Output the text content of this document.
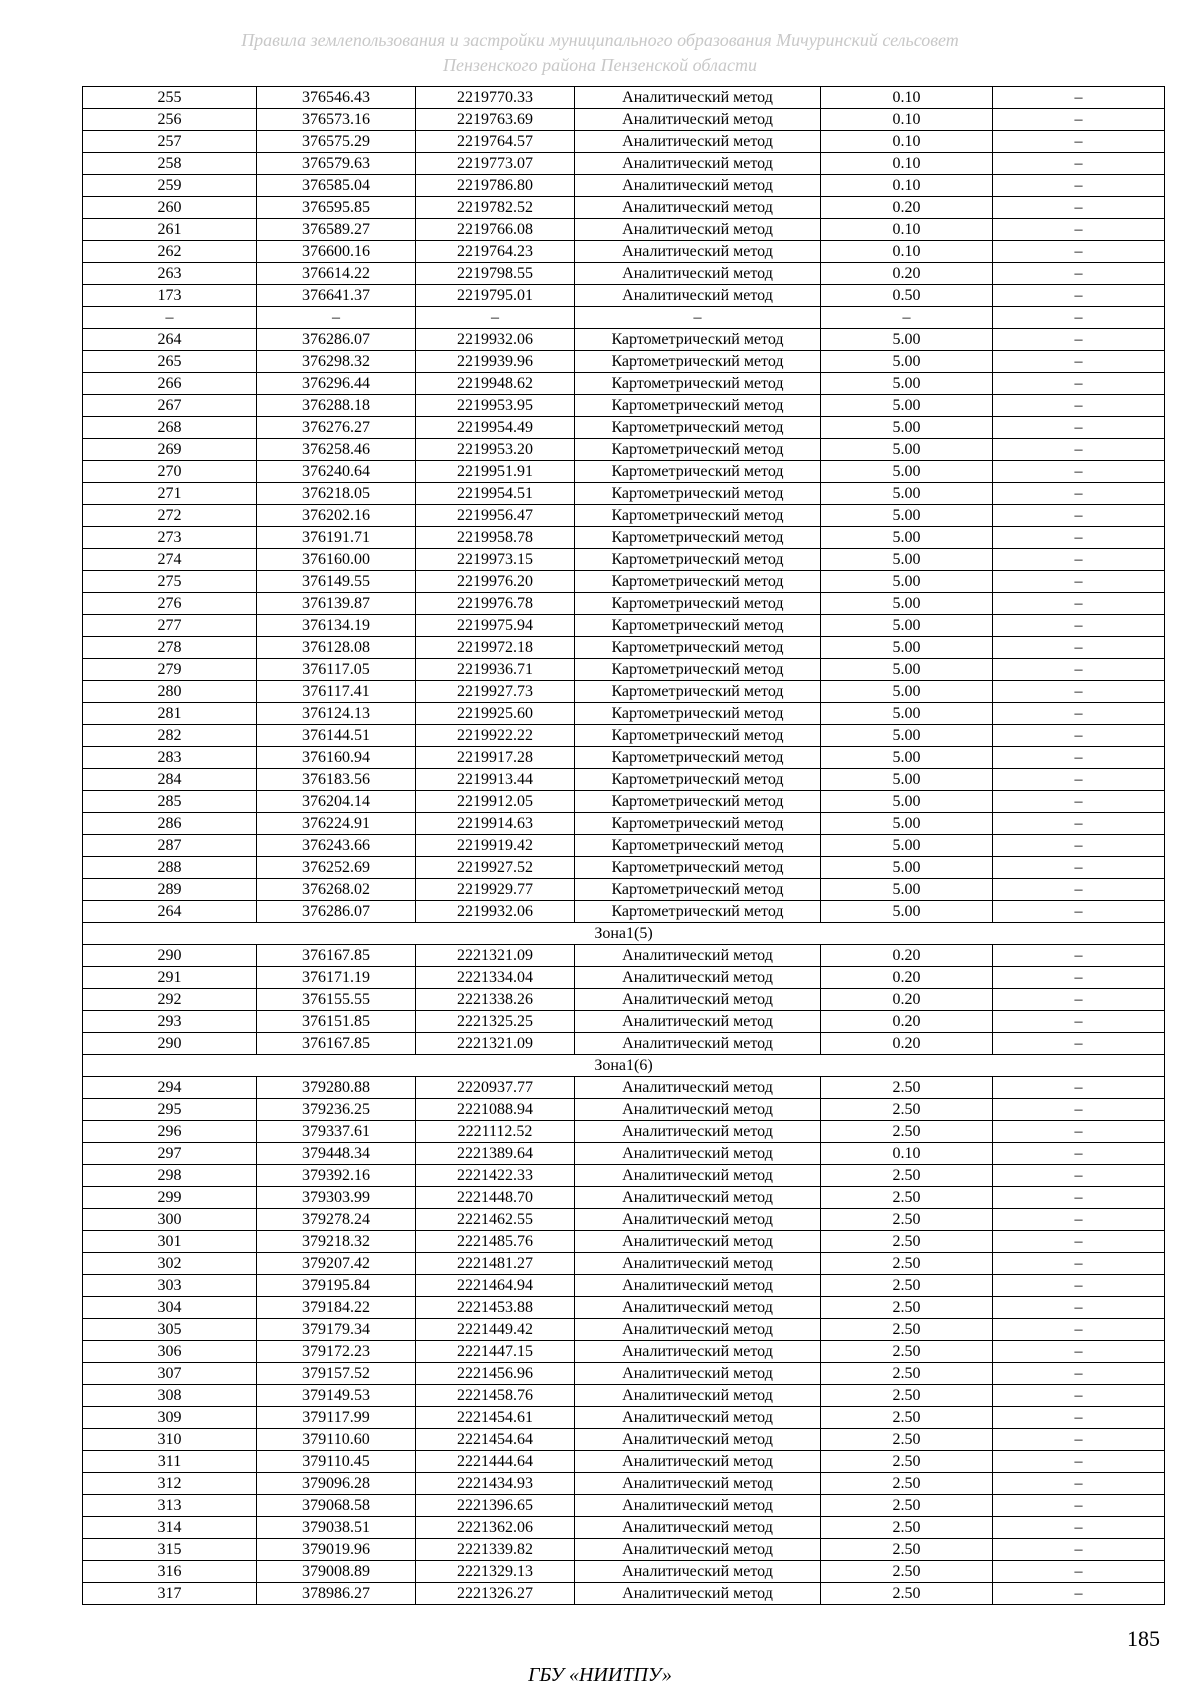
Правила землепользования и застройки муниципального образования Мичуринский сельсовет
Пензенского района Пензенской области
255	376546.43	2219770.33	Аналитический метод	0.10	–
256	376573.16	2219763.69	Аналитический метод	0.10	–
257	376575.29	2219764.57	Аналитический метод	0.10	–
258	376579.63	2219773.07	Аналитический метод	0.10	–
259	376585.04	2219786.80	Аналитический метод	0.10	–
260	376595.85	2219782.52	Аналитический метод	0.20	–
261	376589.27	2219766.08	Аналитический метод	0.10	–
262	376600.16	2219764.23	Аналитический метод	0.10	–
263	376614.22	2219798.55	Аналитический метод	0.20	–
173	376641.37	2219795.01	Аналитический метод	0.50	–
–	–	–	–	–	–
264	376286.07	2219932.06	Картометрический метод	5.00	–
265	376298.32	2219939.96	Картометрический метод	5.00	–
266	376296.44	2219948.62	Картометрический метод	5.00	–
267	376288.18	2219953.95	Картометрический метод	5.00	–
268	376276.27	2219954.49	Картометрический метод	5.00	–
269	376258.46	2219953.20	Картометрический метод	5.00	–
270	376240.64	2219951.91	Картометрический метод	5.00	–
271	376218.05	2219954.51	Картометрический метод	5.00	–
272	376202.16	2219956.47	Картометрический метод	5.00	–
273	376191.71	2219958.78	Картометрический метод	5.00	–
274	376160.00	2219973.15	Картометрический метод	5.00	–
275	376149.55	2219976.20	Картометрический метод	5.00	–
276	376139.87	2219976.78	Картометрический метод	5.00	–
277	376134.19	2219975.94	Картометрический метод	5.00	–
278	376128.08	2219972.18	Картометрический метод	5.00	–
279	376117.05	2219936.71	Картометрический метод	5.00	–
280	376117.41	2219927.73	Картометрический метод	5.00	–
281	376124.13	2219925.60	Картометрический метод	5.00	–
282	376144.51	2219922.22	Картометрический метод	5.00	–
283	376160.94	2219917.28	Картометрический метод	5.00	–
284	376183.56	2219913.44	Картометрический метод	5.00	–
285	376204.14	2219912.05	Картометрический метод	5.00	–
286	376224.91	2219914.63	Картометрический метод	5.00	–
287	376243.66	2219919.42	Картометрический метод	5.00	–
288	376252.69	2219927.52	Картометрический метод	5.00	–
289	376268.02	2219929.77	Картометрический метод	5.00	–
264	376286.07	2219932.06	Картометрический метод	5.00	–
Зона1(5)					
290	376167.85	2221321.09	Аналитический метод	0.20	–
291	376171.19	2221334.04	Аналитический метод	0.20	–
292	376155.55	2221338.26	Аналитический метод	0.20	–
293	376151.85	2221325.25	Аналитический метод	0.20	–
290	376167.85	2221321.09	Аналитический метод	0.20	–
Зона1(6)					
294	379280.88	2220937.77	Аналитический метод	2.50	–
295	379236.25	2221088.94	Аналитический метод	2.50	–
296	379337.61	2221112.52	Аналитический метод	2.50	–
297	379448.34	2221389.64	Аналитический метод	0.10	–
298	379392.16	2221422.33	Аналитический метод	2.50	–
299	379303.99	2221448.70	Аналитический метод	2.50	–
300	379278.24	2221462.55	Аналитический метод	2.50	–
301	379218.32	2221485.76	Аналитический метод	2.50	–
302	379207.42	2221481.27	Аналитический метод	2.50	–
303	379195.84	2221464.94	Аналитический метод	2.50	–
304	379184.22	2221453.88	Аналитический метод	2.50	–
305	379179.34	2221449.42	Аналитический метод	2.50	–
306	379172.23	2221447.15	Аналитический метод	2.50	–
307	379157.52	2221456.96	Аналитический метод	2.50	–
308	379149.53	2221458.76	Аналитический метод	2.50	–
309	379117.99	2221454.61	Аналитический метод	2.50	–
310	379110.60	2221454.64	Аналитический метод	2.50	–
311	379110.45	2221444.64	Аналитический метод	2.50	–
312	379096.28	2221434.93	Аналитический метод	2.50	–
313	379068.58	2221396.65	Аналитический метод	2.50	–
314	379038.51	2221362.06	Аналитический метод	2.50	–
315	379019.96	2221339.82	Аналитический метод	2.50	–
316	379008.89	2221329.13	Аналитический метод	2.50	–
317	378986.27	2221326.27	Аналитический метод	2.50	–
185
ГБУ «НИИТПУ»
